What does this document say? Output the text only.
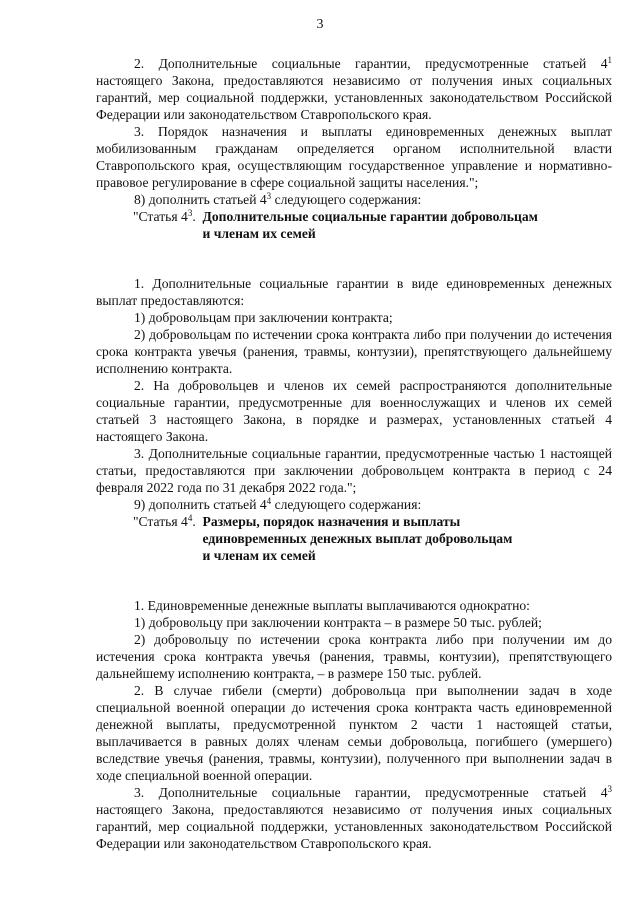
3

2. Дополнительные социальные гарантии, предусмотренные статьей $4^1$ настоящего Закона, предоставляются независимо от получения иных социальных гарантий, мер социальной поддержки, установленных законодательством Российской Федерации или законодательством Ставропольского края.

3. Порядок назначения и выплаты единовременных денежных выплат мобилизованным гражданам определяется органом исполнительной власти Ставропольского края, осуществляющим государственное управление и нормативно-правовое регулирование в сфере социальной защиты населения.";

8) дополнить статьей $4^3$ следующего содержания:

"Статья $4^3$. Дополнительные социальные гарантии добровольцам
и членам их семей

1. Дополнительные социальные гарантии в виде единовременных денежных выплат предоставляются:

1) добровольцам при заключении контракта;

2) добровольцам по истечении срока контракта либо при получении до истечения срока контракта увечья (ранения, травмы, контузии), препятствующего дальнейшему исполнению контракта.

2. На добровольцев и членов их семей распространяются дополнительные социальные гарантии, предусмотренные для военнослужащих и членов их семей статьей 3 настоящего Закона, в порядке и размерах, установленных статьей 4 настоящего Закона.

3. Дополнительные социальные гарантии, предусмотренные частью 1 настоящей статьи, предоставляются при заключении добровольцем контракта в период с 24 февраля 2022 года по 31 декабря 2022 года.";

9) дополнить статьей $4^4$ следующего содержания:

"Статья $4^4$. Размеры, порядок назначения и выплаты
единовременных денежных выплат добровольцам
и членам их семей

1. Единовременные денежные выплаты выплачиваются однократно:

1) добровольцу при заключении контракта – в размере 50 тыс. рублей;

2) добровольцу по истечении срока контракта либо при получении им до истечения срока контракта увечья (ранения, травмы, контузии), препятствующего дальнейшему исполнению контракта, – в размере 150 тыс. рублей.

2. В случае гибели (смерти) добровольца при выполнении задач в ходе специальной военной операции до истечения срока контракта часть единовременной денежной выплаты, предусмотренной пунктом 2 части 1 настоящей статьи, выплачивается в равных долях членам семьи добровольца, погибшего (умершего) вследствие увечья (ранения, травмы, контузии), полученного при выполнении задач в ходе специальной военной операции.

3. Дополнительные социальные гарантии, предусмотренные статьей $4^3$ настоящего Закона, предоставляются независимо от получения иных социальных гарантий, мер социальной поддержки, установленных законодательством Российской Федерации или законодательством Ставропольского края.
